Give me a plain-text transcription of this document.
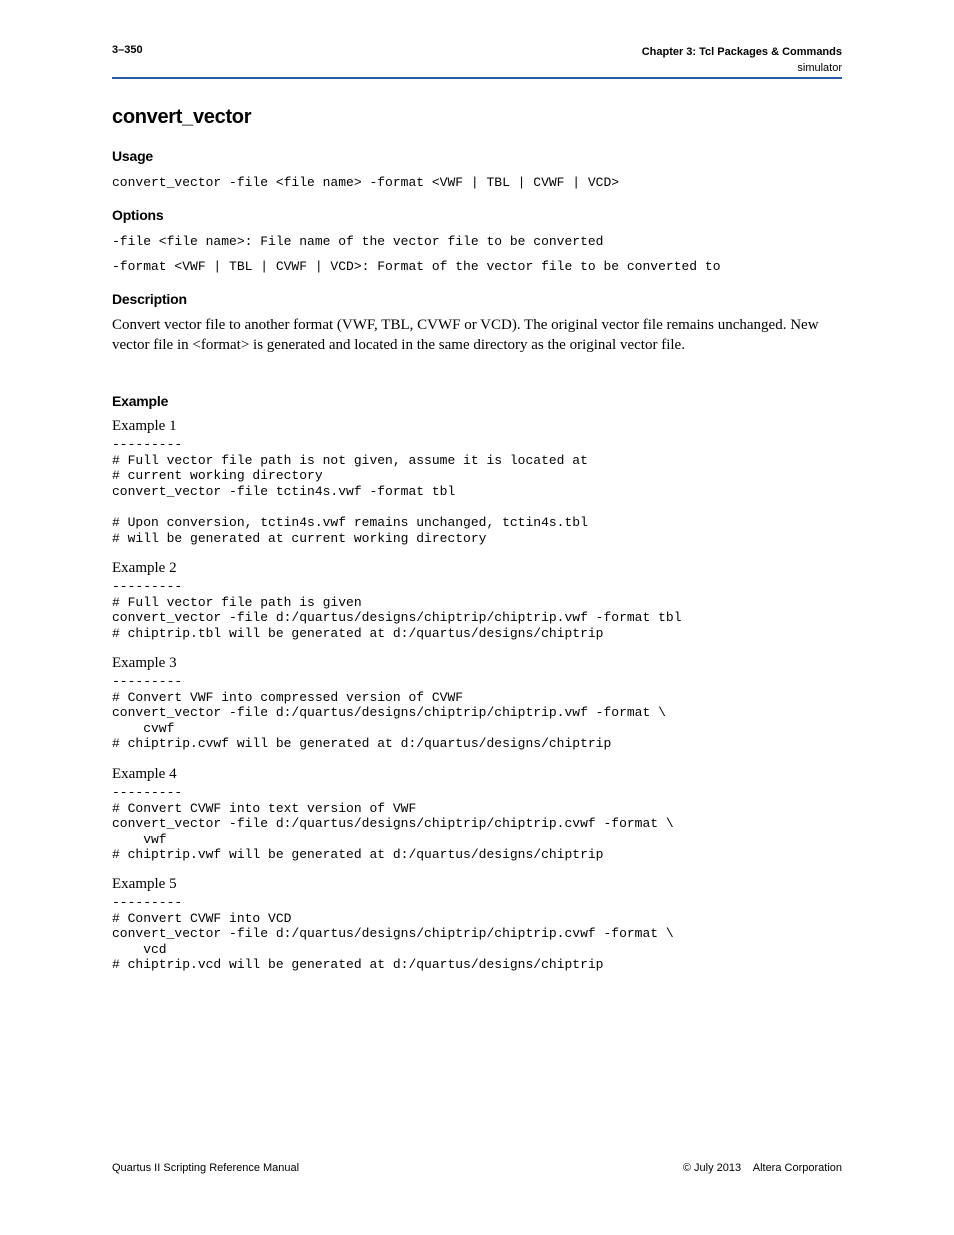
3–350	Chapter 3: Tcl Packages & Commands
simulator
convert_vector
Usage
convert_vector -file <file name> -format <VWF | TBL | CVWF | VCD>
Options
-file <file name>: File name of the vector file to be converted
-format <VWF | TBL | CVWF | VCD>: Format of the vector file to be converted to
Description
Convert vector file to another format (VWF, TBL, CVWF or VCD). The original vector file remains unchanged. New vector file in <format> is generated and located in the same directory as the original vector file.
Example
Example 1
---------
# Full vector file path is not given, assume it is located at
# current working directory
convert_vector -file tctin4s.vwf -format tbl

# Upon conversion, tctin4s.vwf remains unchanged, tctin4s.tbl
# will be generated at current working directory
Example 2
---------
# Full vector file path is given
convert_vector -file d:/quartus/designs/chiptrip/chiptrip.vwf -format tbl
# chiptrip.tbl will be generated at d:/quartus/designs/chiptrip
Example 3
---------
# Convert VWF into compressed version of CVWF
convert_vector -file d:/quartus/designs/chiptrip/chiptrip.vwf -format \
cvwf
# chiptrip.cvwf will be generated at d:/quartus/designs/chiptrip
Example 4
---------
# Convert CVWF into text version of VWF
convert_vector -file d:/quartus/designs/chiptrip/chiptrip.cvwf -format \
vwf
# chiptrip.vwf will be generated at d:/quartus/designs/chiptrip
Example 5
---------
# Convert CVWF into VCD
convert_vector -file d:/quartus/designs/chiptrip/chiptrip.cvwf -format \
vcd
# chiptrip.vcd will be generated at d:/quartus/designs/chiptrip
Quartus II Scripting Reference Manual	© July 2013    Altera Corporation
